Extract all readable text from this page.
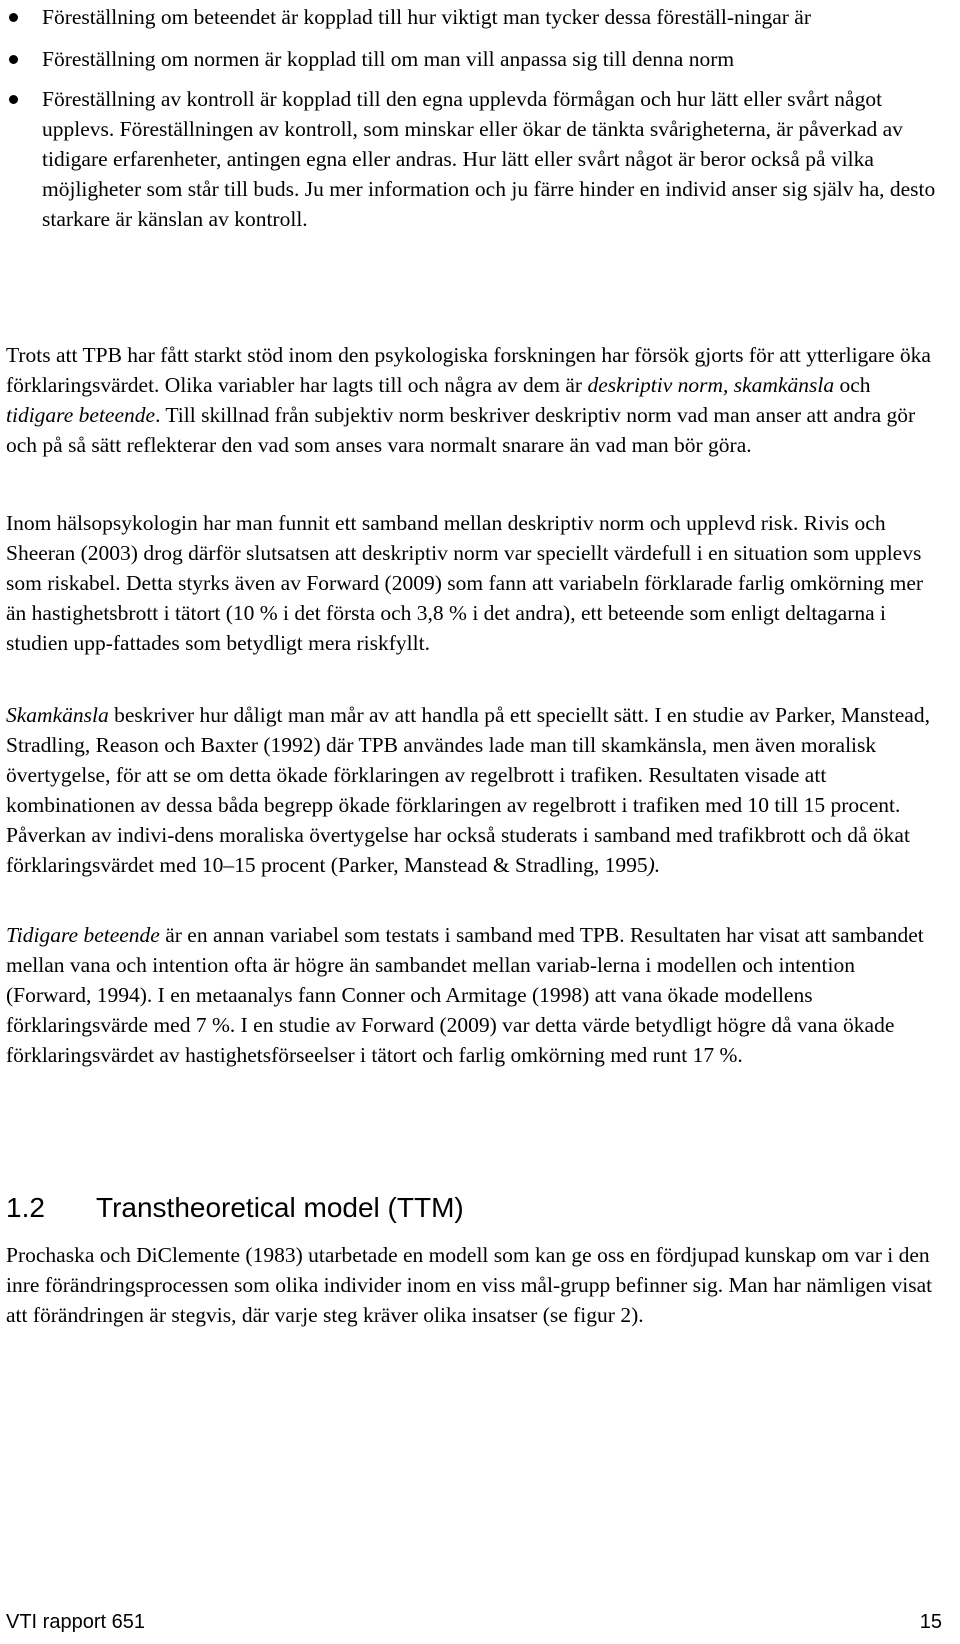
Föreställning om beteendet är kopplad till hur viktigt man tycker dessa föreställ-ningar är
Föreställning om normen är kopplad till om man vill anpassa sig till denna norm
Föreställning av kontroll är kopplad till den egna upplevda förmågan och hur lätt eller svårt något upplevs. Föreställningen av kontroll, som minskar eller ökar de tänkta svårigheterna, är påverkad av tidigare erfarenheter, antingen egna eller andras. Hur lätt eller svårt något är beror också på vilka möjligheter som står till buds. Ju mer information och ju färre hinder en individ anser sig själv ha, desto starkare är känslan av kontroll.

Trots att TPB har fått starkt stöd inom den psykologiska forskningen har försök gjorts för att ytterligare öka förklaringsvärdet. Olika variabler har lagts till och några av dem är deskriptiv norm, skamkänsla och tidigare beteende. Till skillnad från subjektiv norm beskriver deskriptiv norm vad man anser att andra gör och på så sätt reflekterar den vad som anses vara normalt snarare än vad man bör göra.

Inom hälsopsykologin har man funnit ett samband mellan deskriptiv norm och upplevd risk. Rivis och Sheeran (2003) drog därför slutsatsen att deskriptiv norm var speciellt värdefull i en situation som upplevs som riskabel. Detta styrks även av Forward (2009) som fann att variabeln förklarade farlig omkörning mer än hastighetsbrott i tätort (10 % i det första och 3,8 % i det andra), ett beteende som enligt deltagarna i studien upp-fattades som betydligt mera riskfyllt.

Skamkänsla beskriver hur dåligt man mår av att handla på ett speciellt sätt. I en studie av Parker, Manstead, Stradling, Reason och Baxter (1992) där TPB användes lade man till skamkänsla, men även moralisk övertygelse, för att se om detta ökade förklaringen av regelbrott i trafiken. Resultaten visade att kombinationen av dessa båda begrepp ökade förklaringen av regelbrott i trafiken med 10 till 15 procent. Påverkan av indivi-dens moraliska övertygelse har också studerats i samband med trafikbrott och då ökat förklaringsvärdet med 10–15 procent (Parker, Manstead & Stradling, 1995).

Tidigare beteende är en annan variabel som testats i samband med TPB. Resultaten har visat att sambandet mellan vana och intention ofta är högre än sambandet mellan variab-lerna i modellen och intention (Forward, 1994). I en metaanalys fann Conner och Armitage (1998) att vana ökade modellens förklaringsvärde med 7 %. I en studie av Forward (2009) var detta värde betydligt högre då vana ökade förklaringsvärdet av hastighetsförseelser i tätort och farlig omkörning med runt 17 %.

1.2 Transtheoretical model (TTM)

Prochaska och DiClemente (1983) utarbetade en modell som kan ge oss en fördjupad kunskap om var i den inre förändringsprocessen som olika individer inom en viss mål-grupp befinner sig. Man har nämligen visat att förändringen är stegvis, där varje steg kräver olika insatser (se figur 2).

VTI rapport 651	15
